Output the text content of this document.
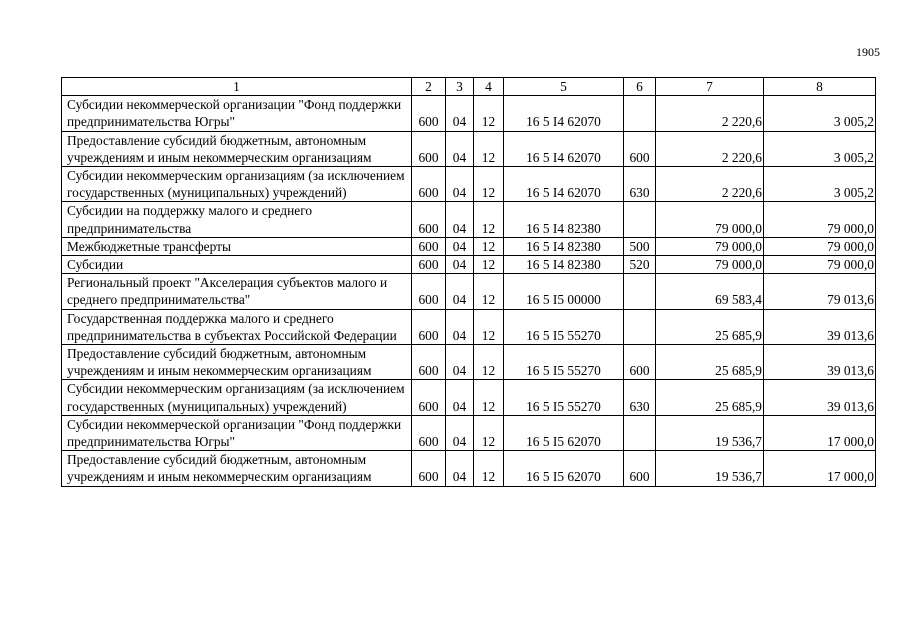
1905
1	2	3	4	5	6	7	8
Субсидии некоммерческой организации "Фонд поддержки предпринимательства Югры"	600	04	12	16 5 I4 62070		2 220,6	3 005,2
Предоставление субсидий бюджетным, автономным учреждениям и иным некоммерческим организациям	600	04	12	16 5 I4 62070	600	2 220,6	3 005,2
Субсидии некоммерческим организациям (за исключением государственных (муниципальных) учреждений)	600	04	12	16 5 I4 62070	630	2 220,6	3 005,2
Субсидии на поддержку малого и среднего предпринимательства	600	04	12	16 5 I4 82380		79 000,0	79 000,0
Межбюджетные трансферты	600	04	12	16 5 I4 82380	500	79 000,0	79 000,0
Субсидии	600	04	12	16 5 I4 82380	520	79 000,0	79 000,0
Региональный проект "Акселерация субъектов малого и среднего предпринимательства"	600	04	12	16 5 I5 00000		69 583,4	79 013,6
Государственная поддержка малого и среднего предпринимательства в субъектах Российской Федерации	600	04	12	16 5 I5 55270		25 685,9	39 013,6
Предоставление субсидий бюджетным, автономным учреждениям и иным некоммерческим организациям	600	04	12	16 5 I5 55270	600	25 685,9	39 013,6
Субсидии некоммерческим организациям (за исключением государственных (муниципальных) учреждений)	600	04	12	16 5 I5 55270	630	25 685,9	39 013,6
Субсидии некоммерческой организации "Фонд поддержки предпринимательства Югры"	600	04	12	16 5 I5 62070		19 536,7	17 000,0
Предоставление субсидий бюджетным, автономным учреждениям и иным некоммерческим организациям	600	04	12	16 5 I5 62070	600	19 536,7	17 000,0
